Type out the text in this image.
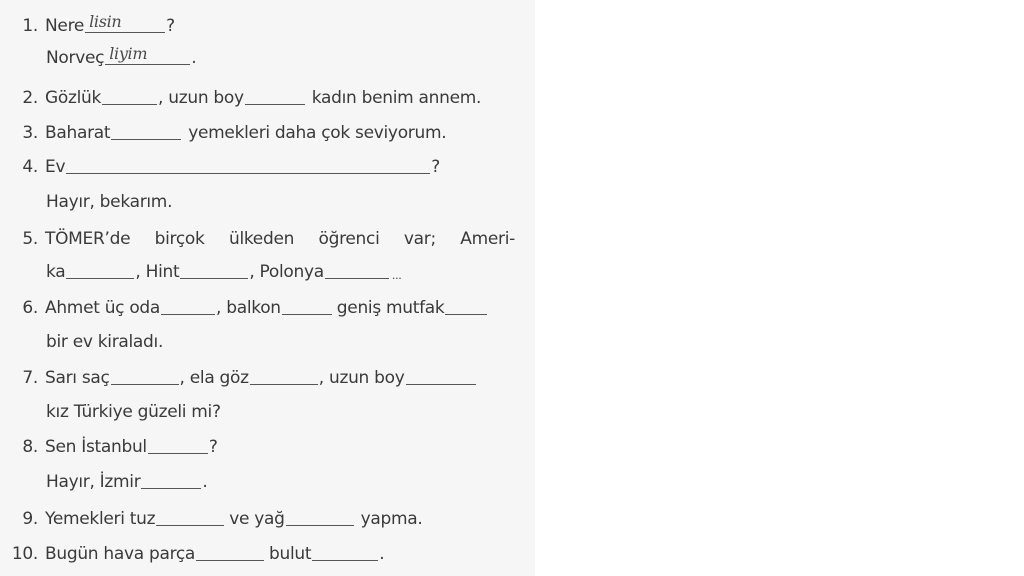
1. Nere lisin	?
Norveç liyim	.
2. Gözlük	, uzun boy	kadın benim annem.
3. Baharat	yemekleri daha çok seviyorum.
4. Ev	?
Hayır, bekarım.
5. TÖMER’de birçok ülkeden öğrenci var; Ameri-
ka	, Hint	, Polonya	...
6. Ahmet üç oda	, balkon	geniş mutfak
bir ev kiraladı.
7. Sarı saç	, ela göz	, uzun boy
kız Türkiye güzeli mi?
8. Sen İstanbul	?
Hayır, İzmir	.
9. Yemekleri tuz	ve yağ	yapma.
10. Bugün hava parça	bulut	.
